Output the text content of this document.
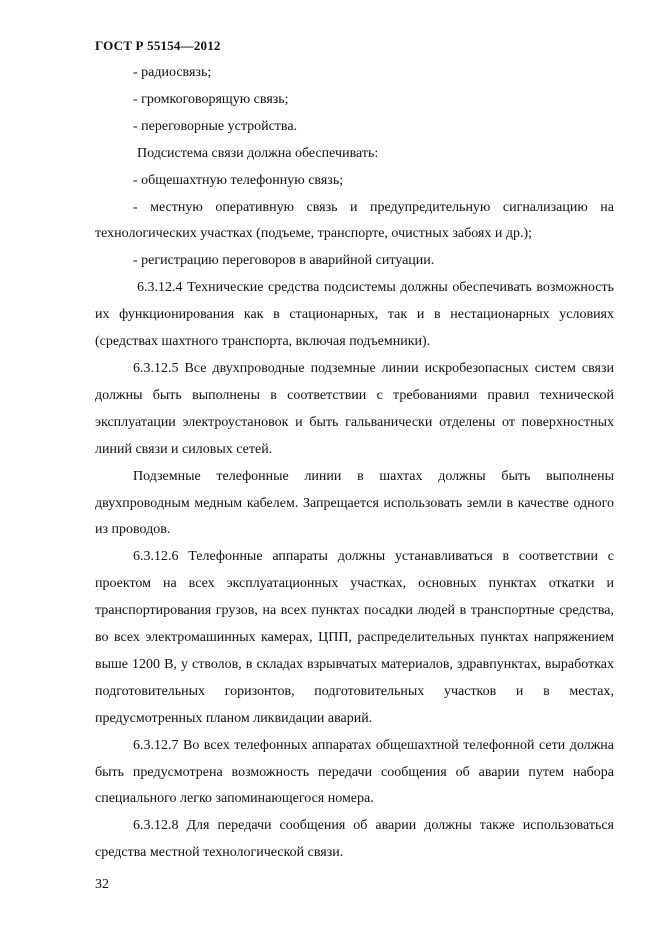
ГОСТ Р 55154—2012

- радиосвязь;

- громкоговорящую связь;

- переговорные устройства.

Подсистема связи должна обеспечивать:

- общешахтную телефонную связь;

- местную оперативную связь и предупредительную сигнализацию на технологических участках (подъеме, транспорте, очистных забоях и др.);

- регистрацию переговоров в аварийной ситуации.

6.3.12.4 Технические средства подсистемы должны обеспечивать возможность их функционирования как в стационарных, так и в нестационарных условиях (средствах шахтного транспорта, включая подъемники).

6.3.12.5 Все двухпроводные подземные линии искробезопасных систем связи должны быть выполнены в соответствии с требованиями правил технической эксплуатации электроустановок и быть гальванически отделены от поверхностных линий связи и силовых сетей.

Подземные телефонные линии в шахтах должны быть выполнены двухпроводным медным кабелем. Запрещается использовать земли в качестве одного из проводов.

6.3.12.6 Телефонные аппараты должны устанавливаться в соответствии с проектом на всех эксплуатационных участках, основных пунктах откатки и транспортирования грузов, на всех пунктах посадки людей в транспортные средства, во всех электромашинных камерах, ЦПП, распределительных пунктах напряжением выше 1200 В, у стволов, в складах взрывчатых материалов, здравпунктах, выработках подготовительных горизонтов, подготовительных участков и в местах, предусмотренных планом ликвидации аварий.

6.3.12.7 Во всех телефонных аппаратах общешахтной телефонной сети должна быть предусмотрена возможность передачи сообщения об аварии путем набора специального легко запоминающегося номера.

6.3.12.8 Для передачи сообщения об аварии должны также использоваться средства местной технологической связи.

32
